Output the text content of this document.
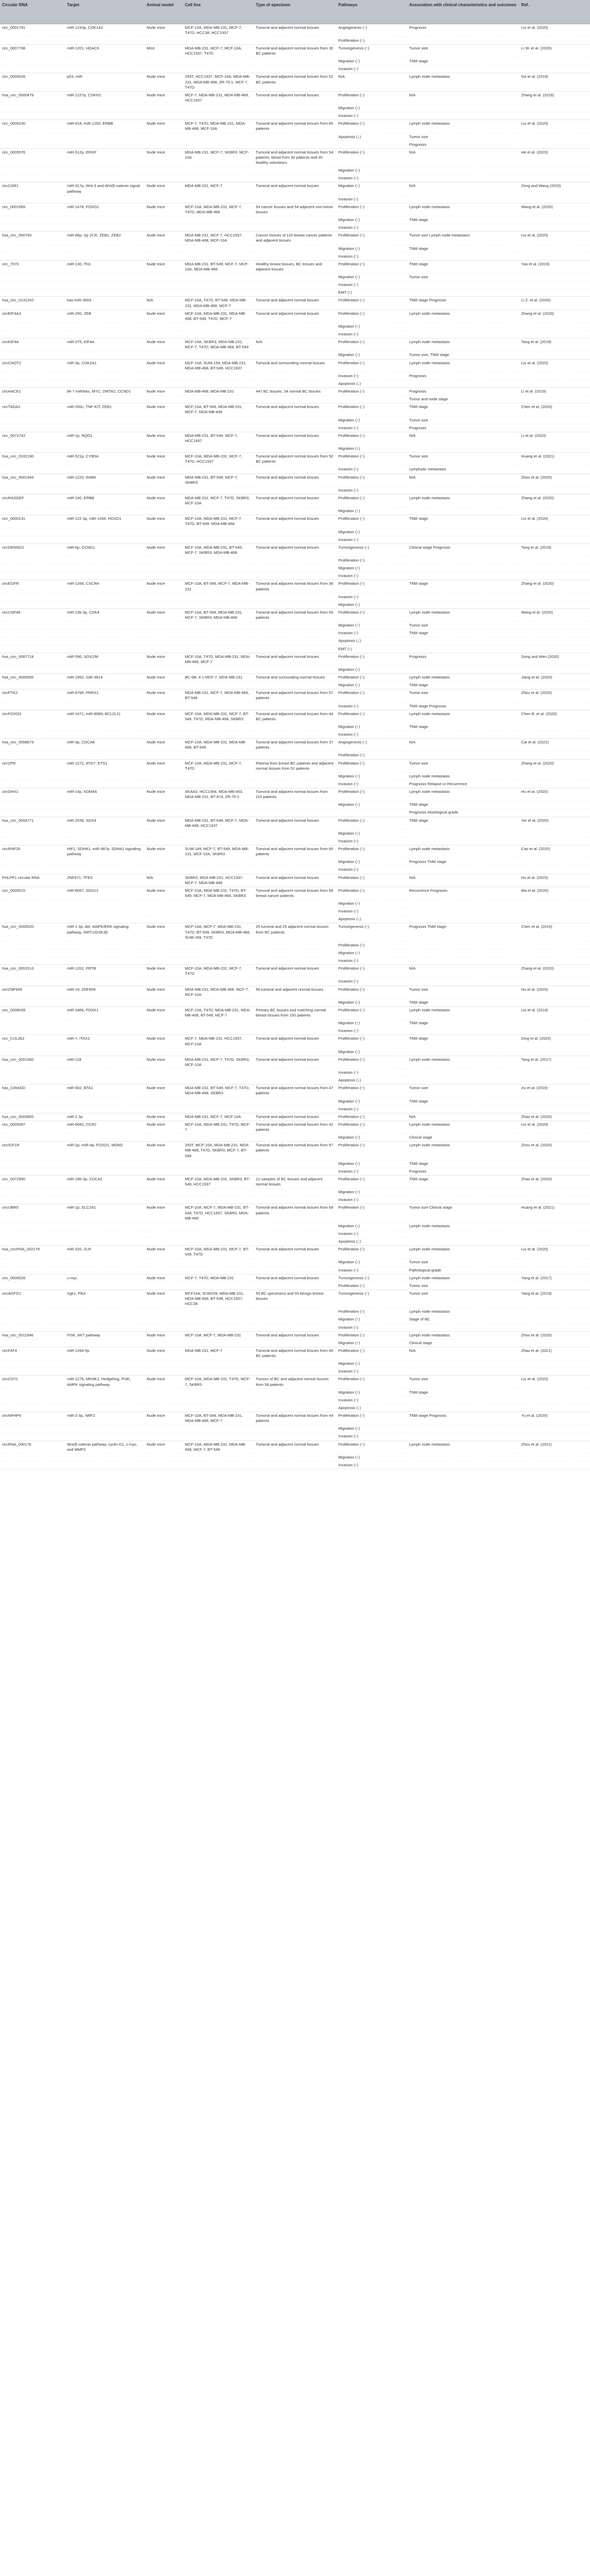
Circular RNA	Target	Animal model	Cell line	Type of specimen	Pathways	Association with clinical characteristics and outcomes	Ref.
circ_0001791	miR-1243p, CDK1A2	Nude mice	MCF-10A, MDA-MB-231, MCF-7, T47D, HCC38, HCC1937	Tumoral and adjacent normal tissues	Angiogenesis (↑)	Prognosis	Liu et al. (2020)
					Proliferation (↑)		
circ_0007798	miR-1201, HDAC9	Mice	MDA-MB-231, MCF-7, MCF-10A, HCC1937, T47D	Tumoral and adjacent normal tissues from 30 BC patients	Tumorigenesis (↑)	Tumor size	Li W. et al. (2020)
					Migration (↑)	TNM stage	
					Invasion (↑)		
circ_0000026	p53, miR	Nude mice	293T, HCC1937, MCF-10A, MDA-MB-231, MDA-MB-468, ZR-75-1, MCF-7, T47D	Tumoral and adjacent normal tissues from 52 BC patients	N/A	Lymph node metastasis	Ge et al. (2019)
hsa_circ_0000479	miR-1227p, CDKN1	Nude mice	MCF-7, MDA-MB-231, MDA-MB-468, HCC1937	Tumoral and adjacent normal tissues	Proliferation (↑)	N/A	Zhang et al. (2019)
					Migration (↑)		
					Invasion (↑)		
circ_0005230	miR-618, miR-1250, ERBB	Nude mice	MCF-7, T47D, MDA-MB-231, MDA-MB-468, MCF-10A	Tumoral and adjacent normal tissues from 60 patients	Proliferation (↑)	Lymph node metastasis	Liu et al. (2020)
					Apoptosis (↓)	Tumor size	
						Prognosis	
circ_0005576	miR-512p, ERGF	Nude mice	MDA-MB-231, MCF-7, SKBR3, MCF-10A	Tumoral and adjacent normal tissues from 54 patients, blood from 30 patients and 30 healthy volunteers	Proliferation (↑)	N/A	He et al. (2020)
					Migration (↑)		
					Invasion (↑)		
circCDR1	miR-317p, Wnt-3 and Wnt/β-catenin signal pathway	Nude mice	MDA-MB-231, MCF-7	Tumoral and adjacent normal tissues	Migration (↑)	N/A	Zeng and Wang (2020)
					Invasion (↑)		
circ_0001569	miR-1478, FOXO1	Nude mice	MCF-10A, MDA-MB-231, MCF-7, T47D, MDA-MB-468	54 cancer tissues and 54 adjacent non-tumor tissues	Proliferation (↑)	Lymph node metastasis	Wang et al. (2020)
					Migration (↑)	TNM stage	
					Invasion (↑)		
hsa_circ_000740	miR-88p, Sp 2CR, ZEB1, ZEB2	Nude mice	MDA-MB-231, MCF-7, HCC1937, MDA-MB-468, MCF-10A	Cancer tissues of 110 breast cancer patients and adjacent tissues	Proliferation (↑)	Tumor size Lymph node metastasis	Liu et al. (2020)
					Migration (↑)	TNM stage	
					Invasion (↑)		
circ_7070	miR-130, TN1	Nude mice	MDA-MB-231, BT-549, MCF-7, MCF-10A, MDA-MB-468	Healthy breast tissues, BC tissues and adjacent tissues	Proliferation (↑)	TNM stage	Yao et al. (2019)
					Migration (↑)	Tumor size	
					Invasion (↑)		
					EMT (↑)		
hsa_circ_0131242	has-miR-3663	N/A	MCF-10A, T47D, BT-549, MDA-MB-231, MDA-MB-468, MCF-7	Tumoral and adjacent normal tissues	Proliferation (↑)	TNM stage Prognosis	Li Z. et al. (2020)
circEIF4A3	miR-250, ZEB	Nude mice	MCF-10A, MDA-MB-231, MDA-MB-468, BT-549, T47D, MCF-7	Tumoral and adjacent normal tissues	Proliferation (↑)	Lymph node metastasis	Zhang et al. (2020)
					Migration (↑)		
					Invasion (↑)		
circKIF4A	miR-375, KIF4A	Nude mice	MCF-10A, SKBR3, MDA-MB-231, MCF-7, T47D, MDA-MB-468, BT-549	N/A	Proliferation (↑)	Lymph node metastasis	Tang et al. (2019)
					Migration (↑)	Tumor size, TNM stage	
circCNOT2	miR-3p, CDK2A1	Nude mice	MCF-10A, SUM-159, MDA-MB-231, MDA-MB-468, BT-549, HCC1937	Tumoral and surrounding normal tissues	Proliferation (↑)	Lymph node metastasis	Liu et al. (2020)
					Invasion (↑)	Prognosis	
					Apoptosis (↓)		
circHACE1	let-7 miRNAs, MYC, DMTA2, CCND1	Nude mice	MDA-MB-468, MDA-MB-231	447 BC tissues, 34 normal BC tissues	Proliferation (↑)	Prognosis	Li et al. (2019)
						Tumor and node stage	
circTADA2	miR-200c, TNF-KIT, ZEB1	Nude mice	MCF-10A, BT-549, MDA-MB-231, MCF-7, MDA-MB-468	Tumoral and adjacent normal tissues	Proliferation (↑)	TNM stage	Chen et al. (2020)
					Migration (↑)	Tumor size	
					Invasion (↑)	Prognosis	
circ_0072742	miR-1p, NQO1	Nude mice	MDA-MB-231, BT-549, MCF-7, HCC1937	Tumoral and adjacent normal tissues	Proliferation (↑)	N/A	Li et al. (2020)
					Migration (↑)		
hsa_circ_0102190	miR-521p, CYB5A	Nude mice	MCF-10A, MDA-MB-231, MCF-7, T47D, HCC1937	Tumoral and adjacent normal tissues from 50 BC patients	Proliferation (↑)	Tumor size	Huang et al. (2021)
					Invasion (↑)	Lymphatic metastasis	
hsa_circ_0001944	miR-1220, RAB6	Nude mice	MDA-MB-231, BT-549, MCF-7, SKBR3	Tumoral and adjacent normal tissues	Proliferation (↑)	N/A	Zhou et al. (2020)
					Invasion (↑)		
circRASGEF	miR-140, ERBB	Nude mice	MDA-MB-231, MCF-7, T47D, SKBR3, MCF-10A	Tumoral and adjacent normal tissues	Proliferation (↑)	Lymph node metastasis	Zhang et al. (2020)
					Migration (↑)		
circ_0000131	miR-122 3p, miR-1266, HOXD1	Nude mice	MCF-10A, MDA-MB-231, MCF-7, T47D, BT-549, MDA-MB-468	Tumoral and adjacent normal tissues	Proliferation (↑)	TNM stage	Lin et al. (2020)
					Migration (↑)		
					Invasion (↑)		
circDENND2	miR-6p, CCND1	Nude mice	MCF-10A, MDA-MB-231, BT-549, MCF-7, SKBR3, MDA-MB-468	Tumoral and adjacent normal tissues	Tumorigenesis (↑)	Clinical stage Prognosis	Tang et al. (2019)
					Proliferation (↑)		
					Migration (↑)		
					Invasion (↑)		
circEGFR	miR-1266, CXCR4	Nude mice	MCF-10A, BT-549, MCF-7, MDA-MB-231	Tumoral and adjacent normal tissues from 38 patients	Proliferation (↑)	TNM stage	Zhang et al. (2020)
					Invasion (↑)		
					Migration (↑)		
circUSP48	miR-23b 3p, CDK4	Nude mice	MCF-10A, BT-549, MDA-MB-231, MCF-7, SKBR3, MDA-MB-468	Tumoral and adjacent normal tissues from 45 patients	Proliferation (↑)	Lymph node metastasis	Wang et al. (2020)
					Migration (↑)	Tumor size	
					Invasion (↑)	TNM stage	
					Apoptosis (↓)		
					EMT (↑)		
hsa_circ_0087714	miR-590, SOX2/M	Nude mice	MCF-10A, T47D, MDA-MB-231, MDA-MB-468, MCF-7	Tumoral and adjacent normal tissues	Proliferation (↑)	Prognosis	Song and Wen (2020)
					Migration (↑)		
hsa_circ_0005505	miR-1962, miR-3614	Nude mice	BC-6B, 4-1 MCF-7, MDA-MB-231	Tumoral and surrounding normal tissues	Proliferation (↑)	Lymph node metastasis	Jiang et al. (2020)
					Migration (↑)	TNM stage	
circPTK2	miR-6766, PRRX1	Nude mice	MDA-MB-231, MCF-7, MDA-MB-468, BT-549	Tumoral and adjacent normal tissues from 57 patients	Proliferation (↑)	Tumor size	Zhou et al. (2020)
					Invasion (↑)	TNM stage Prognosis	
circFOXO3	miR-1471, miR-8089, BCL2L11	Nude mice	MCF-10A, MDA-MB-231, MCF-7, BT-549, T47D, MDA-MB-468, SKBR3	Tumoral and adjacent normal tissues from 44 BC patients	Proliferation (↑)	Lymph node metastasis	Chen B. et al. (2020)
					Migration (↑)	TNM stage	
					Invasion (↑)		
hsa_circ_0008673	miR-3p, CDCA8	Nude mice	MCF-10A, MDA-MB-231, MDA-MB-468, BT-549	Tumoral and adjacent normal tissues from 37 patients	Angiogenesis (↑)	N/A	Cai et al. (2021)
					Proliferation (↑)		
circZFR	miR-1272, ATG7, ETS1	Nude mice	MCF-10A, MDA-MB-231, MCF-7, T47D	Plasma from breast BC patients and adjacent normal tissues from 51 patients	Proliferation (↑)	Tumor size	Zhang et al. (2020)
					Migration (↑)	Lymph node metastasis	
					Invasion (↑)	Prognosis Relapse or Recurrence	
circDHX1	miR-14p, KDM4A	Nude mice	SKAA3, HCC1954, MDA-MB-453, MDA-MB-231, BT-474, ZR-75-1	Tumoral and adjacent normal tissues from 115 patients	Proliferation (↑)	Lymph node metastasis	Hu et al. (2020)
					Migration (↑)	TNM stage	
						Prognosis Histological grade	
hsa_circ_0004771	miR-2036, SOX4	Nude mice	MDA-MB-231, BT-549, MCF-7, MDA-MB-468, HCC1937	Tumoral and adjacent normal tissues	Proliferation (↑)	TNM stage	Xie et al. (2020)
					Migration (↑)		
					Invasion (↑)		
circRNF20	HIF1, SDHA1, miR-487a, SDHA1 signaling pathway	Nude mice	SUM-149, MCF-7, BT-549, MDA-MB-231, MCF-10A, SKBR3	Tumoral and adjacent normal tissues from 60 patients	Proliferation (↑)	Lymph node metastasis	Cao et al. (2020)
					Migration (↑)	Prognosis TNM stage	
					Invasion (↑)		
PHLPP1 circular RNA	ZNF671, TFE3	N/A	SKBR3, MDA-MB-231, HCC1937, MCF-7, MDA-MB-468	Tumoral and adjacent normal tissues	Proliferation (↑)	N/A	Hu et al. (2020)
circ_0000515	miR-6067, SOX12	Nude mice	MCF-10A, MDA-MB-231, T47D, BT-549, MCF-7, MDA-MB-468, SKBR3	Tumoral and adjacent normal tissues from 58 breast cancer patients	Proliferation (↑)	Recurrence Prognosis	Ma et al. (2020)
					Migration (↑)		
					Invasion (↑)		
					Apoptosis (↓)		
hsa_circ_0000520	miR-1 3p, Akt, MAPK/ERK signaling pathway, SIRT1/GSK3β	Nude mice	MCF-10A, MCF-7, MDA-MB-231, T47D, BT-549, SKBR3, MDA-MB-468, SUM-159, T47D	25 tumoral and 25 adjacent normal tissues from BC patients	Tumorigenesis (↑)	Prognosis TNM stage	Chen et al. (2019)
					Proliferation (↑)		
					Migration (↑)		
					Invasion (↑)		
hsa_circ_0001513	miR-1202, PRTB	Nude mice	MCF-10A, MDA-MB-231, MCF-7, T47D	Tumoral and adjacent normal tissues	Proliferation (↑)	N/A	Zhang et al. (2020)
					Invasion (↑)		
circZNF609	miR-19, ZNF609	Nude mice	MDA-MB-231, MDA-MB-468, MCF-7, MCF-10A	56 tumoral and adjacent normal tissues	Proliferation (↑)	Tumor size	Hu et al. (2020)
					Migration (↑)	TNM stage	
circ_0008039	miR-1866, FOXK1	Nude mice	MCF-10A, T47D, MDA-MB-231, MDA-MB-468, BT-549, MCF-7	Primary BC tissues and matching normal breast tissues from 150 patients	Proliferation (↑)	Lymph node metastasis	Liu et al. (2019)
					Migration (↑)	TNM stage	
					Invasion (↑)		
circ_CUL2b2	miR-7, ITAX1	Nude mice	MCF-7, MDA-MB-231, HCC1937, MCF-10A	Tumoral and adjacent normal tissues	Proliferation (↑)	TNM stage	Ding et al. (2020)
					Migration (↑)		
hsa_circ_0001982	miR-118	Nude mice	MDA-MB-231, MCF-7, T47D, SKBR3, MCF-10A	Tumoral and adjacent normal tissues	Proliferation (↑)	Lymph node metastasis	Tang et al. (2017)
					Invasion (↑)		
					Apoptosis (↓)		
has_CIRADD	miR-602, BTA1	Nude mice	MDA-MB-231, BT-549, MCF-7, T47D, MDA-MB-468, SKBR3	Tumoral and adjacent normal tissues from 47 patients	Proliferation (↑)	Tumor size	Xu et al. (2019)
					Migration (↑)	TNM stage	
					Invasion (↑)		
hsa_circ_0003905	miR-2 3p	Nude mice	MDA-MB-231, MCF-7, MCF-10A	Tumoral and adjacent normal tissues	Proliferation (↑)	N/A	Zhao et al. (2020)
circ_0005087	miR-6660, CCR2	Nude mice	MCF-10A, MDA-MB-231, T47D, MCF-7	Tumoral and adjacent normal tissues from 42 patients	Proliferation (↑)	Lymph node metastasis	Lin et al. (2020)
					Migration (↑)	Clinical stage	
circIGF1R	miR-2p, miR-4p, FOXO1, MDM2	Nude mice	293T, MCF-10A, MDA-MB-231, MDA-MB-468, T47D, SKBR3, MCF-7, BT-549	Tumoral and adjacent normal tissues from 97 patients	Proliferation (↑)	Lymph node metastasis	Zhou et al. (2020)
					Migration (↑)	TNM stage	
					Invasion (↑)	Prognosis	
circ_0072995	miR-186-3p, CDCA2	Nude mice	MCF-10A, MDA-MB-231, SKBR3, BT-549, HCC1937	12 samples of BC tissues and adjacent normal tissues	Proliferation (↑)	TNM stage	Zhao et al. (2020)
					Migration (↑)		
					Invasion (↑)		
circUBR5	miR-1p, SLC2A1	Nude mice	MCF-10A, MCF-7, MDA-MB-231, BT-549, T47D, HCC1937, SKBR3, MDA-MB-468	Tumoral and adjacent normal tissues from 68 patients	Proliferation (↑)	Tumor size Clinical stage	Huang et al. (2021)
					Migration (↑)	Lymph node metastasis	
					Invasion (↑)		
					Apoptosis (↓)		
hsa_circRNA_002178	miR-320, ZLR	Nude mice	MCF-10A, MDA-MB-231, MCF-7, BT-549, T47D	Tumoral and adjacent normal tissues	Proliferation (↑)	Lymph node metastasis	Liu et al. (2020)
					Migration (↑)	Tumor size	
					Invasion (↑)	Pathological grade	
circ_0006528	c-myc	Nude mice	MCF-7, T47D, MDA-MB-231	Tumoral and adjacent normal tissues	Tumorigenesis (↑)	Lymph node metastasis	Yang et al. (2017)
					Proliferation (↑)	Tumor size	
circAGFG1	Sgk1, Pik3	Nude mice	MCF10A, SUM159, MDA-MB-231, MDA-MB-468, BT-549, HCC1937, HCC38	55 BC specimens and 55 benign breast tissues	Tumorigenesis (↑)	Tumor size	Yang et al. (2019)
					Proliferation (↑)	Lymph node metastasis	
					Migration (↑)	Stage of BC	
					Invasion (↑)		
hsa_circ_0011946	PI3K, AKT pathway	Nude mice	MCF-10A, MCF-7, MDA-MB-231	Tumoral and adjacent normal tissues	Proliferation (↑)	Lymph node metastasis	Zhou et al. (2020)
					Migration (↑)	Clinical stage	
circFAT4	miR-1264-5p	Nude mice	MDA-MB-231, MCF-7	Tumoral and adjacent normal tissues from 40 BC patients	Proliferation (↑)	N/A	Zhao et al. (2021)
					Migration (↑)		
					Invasion (↑)		
circCDYL	miR-1276, MKNK1, Hedgehog, PI3K, AMPK signaling pathway	Nude mice	MCF-10A, MDA-MB-231, T47D, MCF-7, SKBR3	Tumors of BC and adjacent normal tissues from 58 patients	Proliferation (↑)	Tumor size	Liu et al. (2020)
					Migration (↑)	TNM stage	
					Invasion (↑)		
					Apoptosis (↓)		
circNPHP4	miR-2-3p, NRF2	Nude mice	MCF-10A, BT-549, MDA-MB-231, MDA-MB-468, MCF-7	Tumoral and adjacent normal tissues from 44 patients	Proliferation (↑)	TNM stage Prognosis	Yu et al. (2020)
					Migration (↑)		
					Invasion (↑)		
circRNA_000176	Wnt/β-catenin pathway, cyclin D1, c-myc, and MMP2	Nude mice	MCF-10A, MDA-MB-231, MDA-MB-468, MCF-7, BT-549	Tumoral and adjacent normal tissues	Proliferation (↑)	Lymph node metastasis	Zhou et al. (2021)
					Migration (↑)		
					Invasion (↑)		
